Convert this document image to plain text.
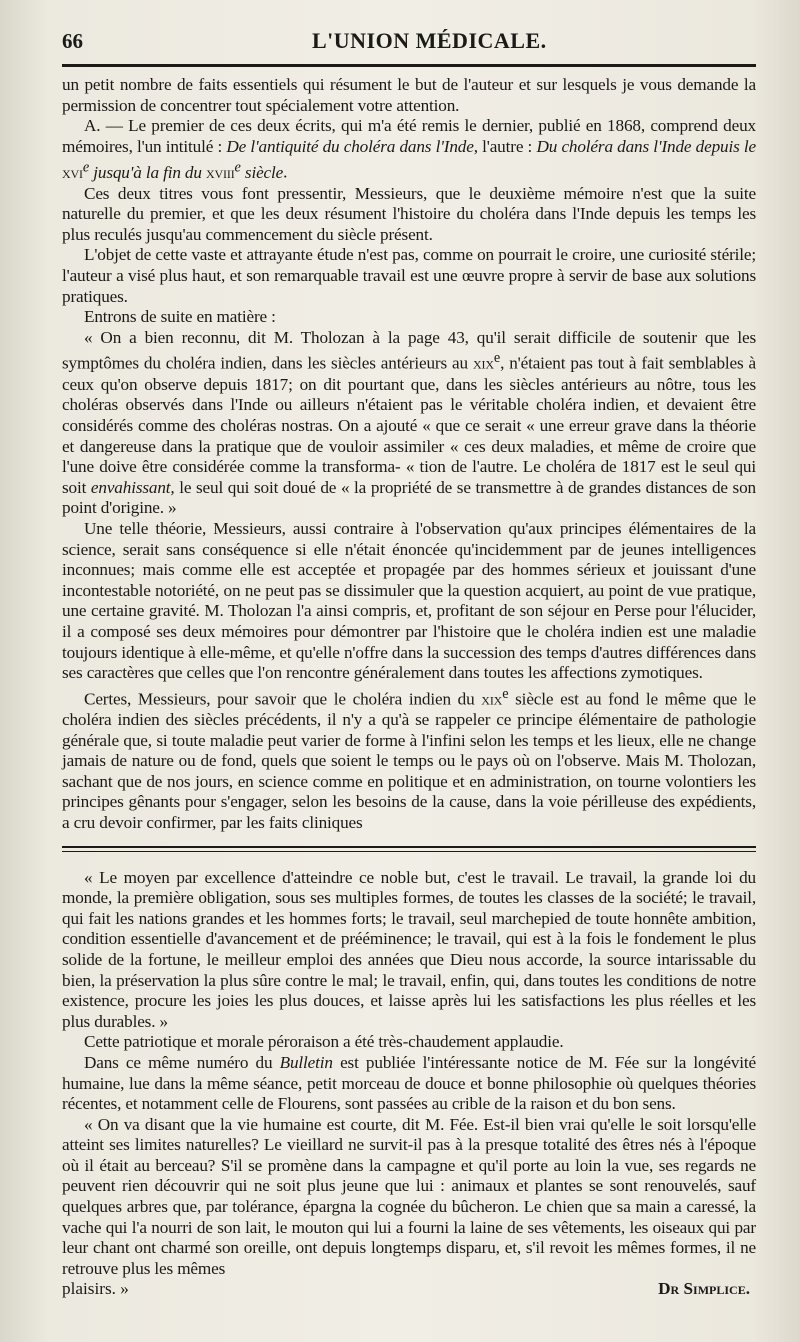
66	L'UNION MÉDICALE.

un petit nombre de faits essentiels qui résument le but de l'auteur et sur lesquels je vous demande la permission de concentrer tout spécialement votre attention.

A. — Le premier de ces deux écrits, qui m'a été remis le dernier, publié en 1868, comprend deux mémoires, l'un intitulé : De l'antiquité du choléra dans l'Inde, l'autre : Du choléra dans l'Inde depuis le xvi$^e$ jusqu'à la fin du xviii$^e$ siècle.

Ces deux titres vous font pressentir, Messieurs, que le deuxième mémoire n'est que la suite naturelle du premier, et que les deux résument l'histoire du choléra dans l'Inde depuis les temps les plus reculés jusqu'au commencement du siècle présent.

L'objet de cette vaste et attrayante étude n'est pas, comme on pourrait le croire, une curiosité stérile; l'auteur a visé plus haut, et son remarquable travail est une œuvre propre à servir de base aux solutions pratiques.

Entrons de suite en matière :

« On a bien reconnu, dit M. Tholozan à la page 43, qu'il serait difficile de soutenir que les symptômes du choléra indien, dans les siècles antérieurs au xix$^e$, n'étaient pas tout à fait semblables à ceux qu'on observe depuis 1817; on dit pourtant que, dans les siècles antérieurs au nôtre, tous les choléras observés dans l'Inde ou ailleurs n'étaient pas le véritable choléra indien, et devaient être considérés comme des choléras nostras. On a ajouté « que ce serait « une erreur grave dans la théorie et dangereuse dans la pratique que de vouloir assimiler « ces deux maladies, et même de croire que l'une doive être considérée comme la transforma- « tion de l'autre. Le choléra de 1817 est le seul qui soit envahissant, le seul qui soit doué de « la propriété de se transmettre à de grandes distances de son point d'origine. »

Une telle théorie, Messieurs, aussi contraire à l'observation qu'aux principes élémentaires de la science, serait sans conséquence si elle n'était énoncée qu'incidemment par de jeunes intelligences inconnues; mais comme elle est acceptée et propagée par des hommes sérieux et jouissant d'une incontestable notoriété, on ne peut pas se dissimuler que la question acquiert, au point de vue pratique, une certaine gravité. M. Tholozan l'a ainsi compris, et, profitant de son séjour en Perse pour l'élucider, il a composé ses deux mémoires pour démontrer par l'histoire que le choléra indien est une maladie toujours identique à elle-même, et qu'elle n'offre dans la succession des temps d'autres différences dans ses caractères que celles que l'on rencontre généralement dans toutes les affections zymotiques.

Certes, Messieurs, pour savoir que le choléra indien du xix$^e$ siècle est au fond le même que le choléra indien des siècles précédents, il n'y a qu'à se rappeler ce principe élémentaire de pathologie générale que, si toute maladie peut varier de forme à l'infini selon les temps et les lieux, elle ne change jamais de nature ou de fond, quels que soient le temps ou le pays où on l'observe. Mais M. Tholozan, sachant que de nos jours, en science comme en politique et en administration, on tourne volontiers les principes gênants pour s'engager, selon les besoins de la cause, dans la voie périlleuse des expédients, a cru devoir confirmer, par les faits cliniques

« Le moyen par excellence d'atteindre ce noble but, c'est le travail. Le travail, la grande loi du monde, la première obligation, sous ses multiples formes, de toutes les classes de la société; le travail, qui fait les nations grandes et les hommes forts; le travail, seul marchepied de toute honnête ambition, condition essentielle d'avancement et de prééminence; le travail, qui est à la fois le fondement le plus solide de la fortune, le meilleur emploi des années que Dieu nous accorde, la source intarissable du bien, la préservation la plus sûre contre le mal; le travail, enfin, qui, dans toutes les conditions de notre existence, procure les joies les plus douces, et laisse après lui les satisfactions les plus réelles et les plus durables. »

Cette patriotique et morale péroraison a été très-chaudement applaudie.

Dans ce même numéro du Bulletin est publiée l'intéressante notice de M. Fée sur la longévité humaine, lue dans la même séance, petit morceau de douce et bonne philosophie où quelques théories récentes, et notamment celle de Flourens, sont passées au crible de la raison et du bon sens.

« On va disant que la vie humaine est courte, dit M. Fée. Est-il bien vrai qu'elle le soit lorsqu'elle atteint ses limites naturelles? Le vieillard ne survit-il pas à la presque totalité des êtres nés à l'époque où il était au berceau? S'il se promène dans la campagne et qu'il porte au loin la vue, ses regards ne peuvent rien découvrir qui ne soit plus jeune que lui : animaux et plantes se sont renouvelés, sauf quelques arbres que, par tolérance, épargna la cognée du bûcheron. Le chien que sa main a caressé, la vache qui l'a nourri de son lait, le mouton qui lui a fourni la laine de ses vêtements, les oiseaux qui par leur chant ont charmé son oreille, ont depuis longtemps disparu, et, s'il revoit les mêmes formes, il ne retrouve plus les mêmes

plaisirs. »	Dr Simplice.
